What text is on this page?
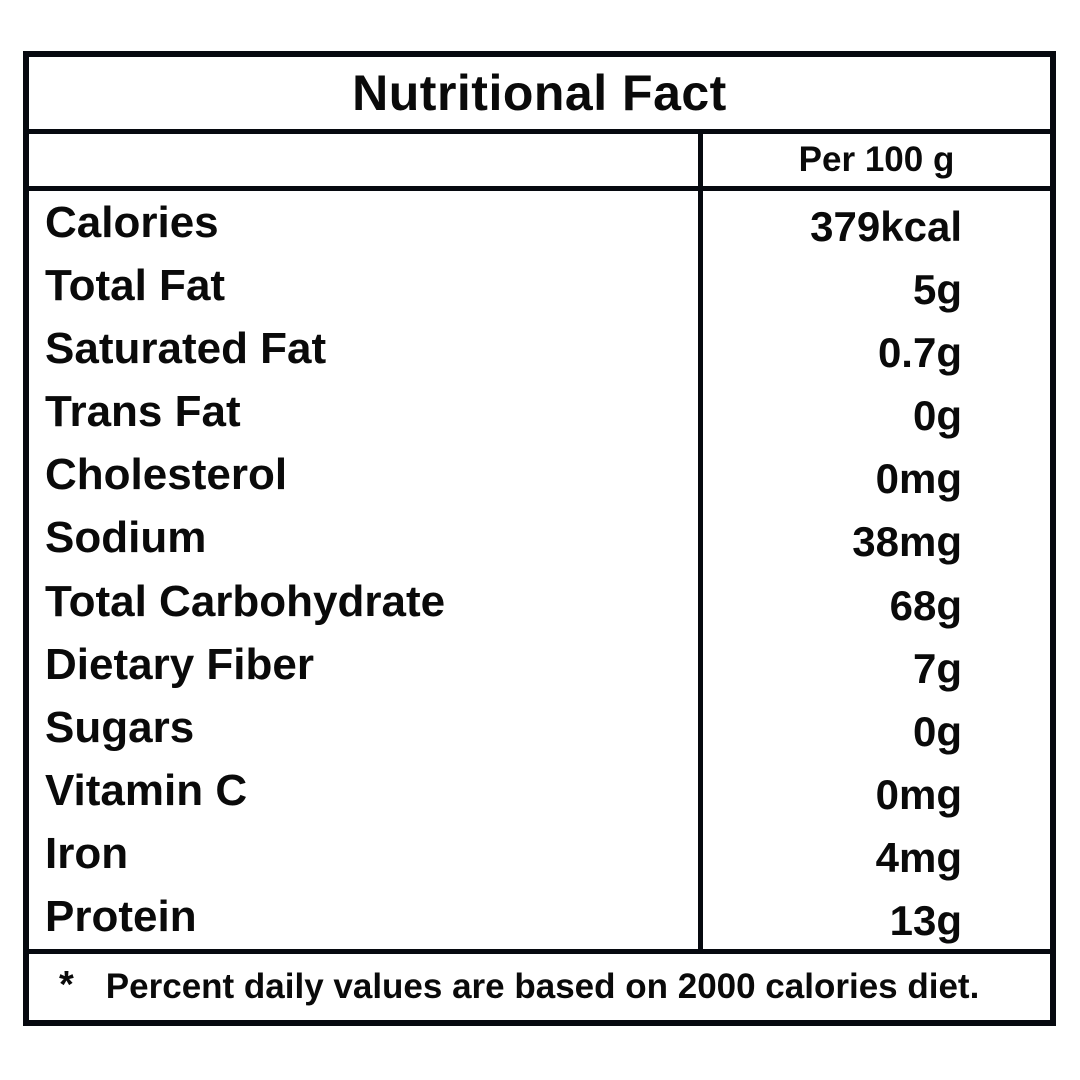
Nutritional Fact
Per 100 g
Calories	379kcal
Total Fat	5g
Saturated Fat	0.7g
Trans Fat	0g
Cholesterol	0mg
Sodium	38mg
Total Carbohydrate	68g
Dietary Fiber	7g
Sugars	0g
Vitamin C	0mg
Iron	4mg
Protein	13g
* Percent daily values are based on 2000 calories diet.
